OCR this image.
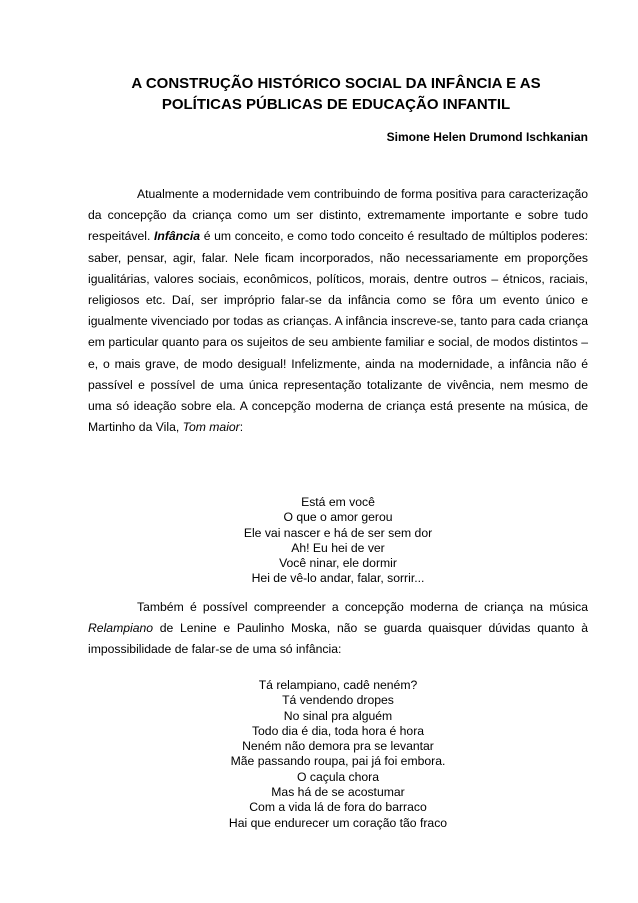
A CONSTRUÇÃO HISTÓRICO SOCIAL DA INFÂNCIA E AS
POLÍTICAS PÚBLICAS DE EDUCAÇÃO INFANTIL

Simone Helen Drumond Ischkanian

Atualmente a modernidade vem contribuindo de forma positiva para caracterização da concepção da criança como um ser distinto, extremamente importante e sobre tudo respeitável. Infância é um conceito, e como todo conceito é resultado de múltiplos poderes: saber, pensar, agir, falar. Nele ficam incorporados, não necessariamente em proporções igualitárias, valores sociais, econômicos, políticos, morais, dentre outros – étnicos, raciais, religiosos etc. Daí, ser impróprio falar-se da infância como se fôra um evento único e igualmente vivenciado por todas as crianças. A infância inscreve-se, tanto para cada criança em particular quanto para os sujeitos de seu ambiente familiar e social, de modos distintos – e, o mais grave, de modo desigual! Infelizmente, ainda na modernidade, a infância não é passível e possível de uma única representação totalizante de vivência, nem mesmo de uma só ideação sobre ela. A concepção moderna de criança está presente na música, de Martinho da Vila, Tom maior:

Está em você
O que o amor gerou
Ele vai nascer e há de ser sem dor
Ah! Eu hei de ver
Você ninar, ele dormir
Hei de vê-lo andar, falar, sorrir...

Também é possível compreender a concepção moderna de criança na música Relampiano de Lenine e Paulinho Moska, não se guarda quaisquer dúvidas quanto à impossibilidade de falar-se de uma só infância:

Tá relampiano, cadê neném?
Tá vendendo dropes
No sinal pra alguém
Todo dia é dia, toda hora é hora
Neném não demora pra se levantar
Mãe passando roupa, pai já foi embora.
O caçula chora
Mas há de se acostumar
Com a vida lá de fora do barraco
Hai que endurecer um coração tão fraco
